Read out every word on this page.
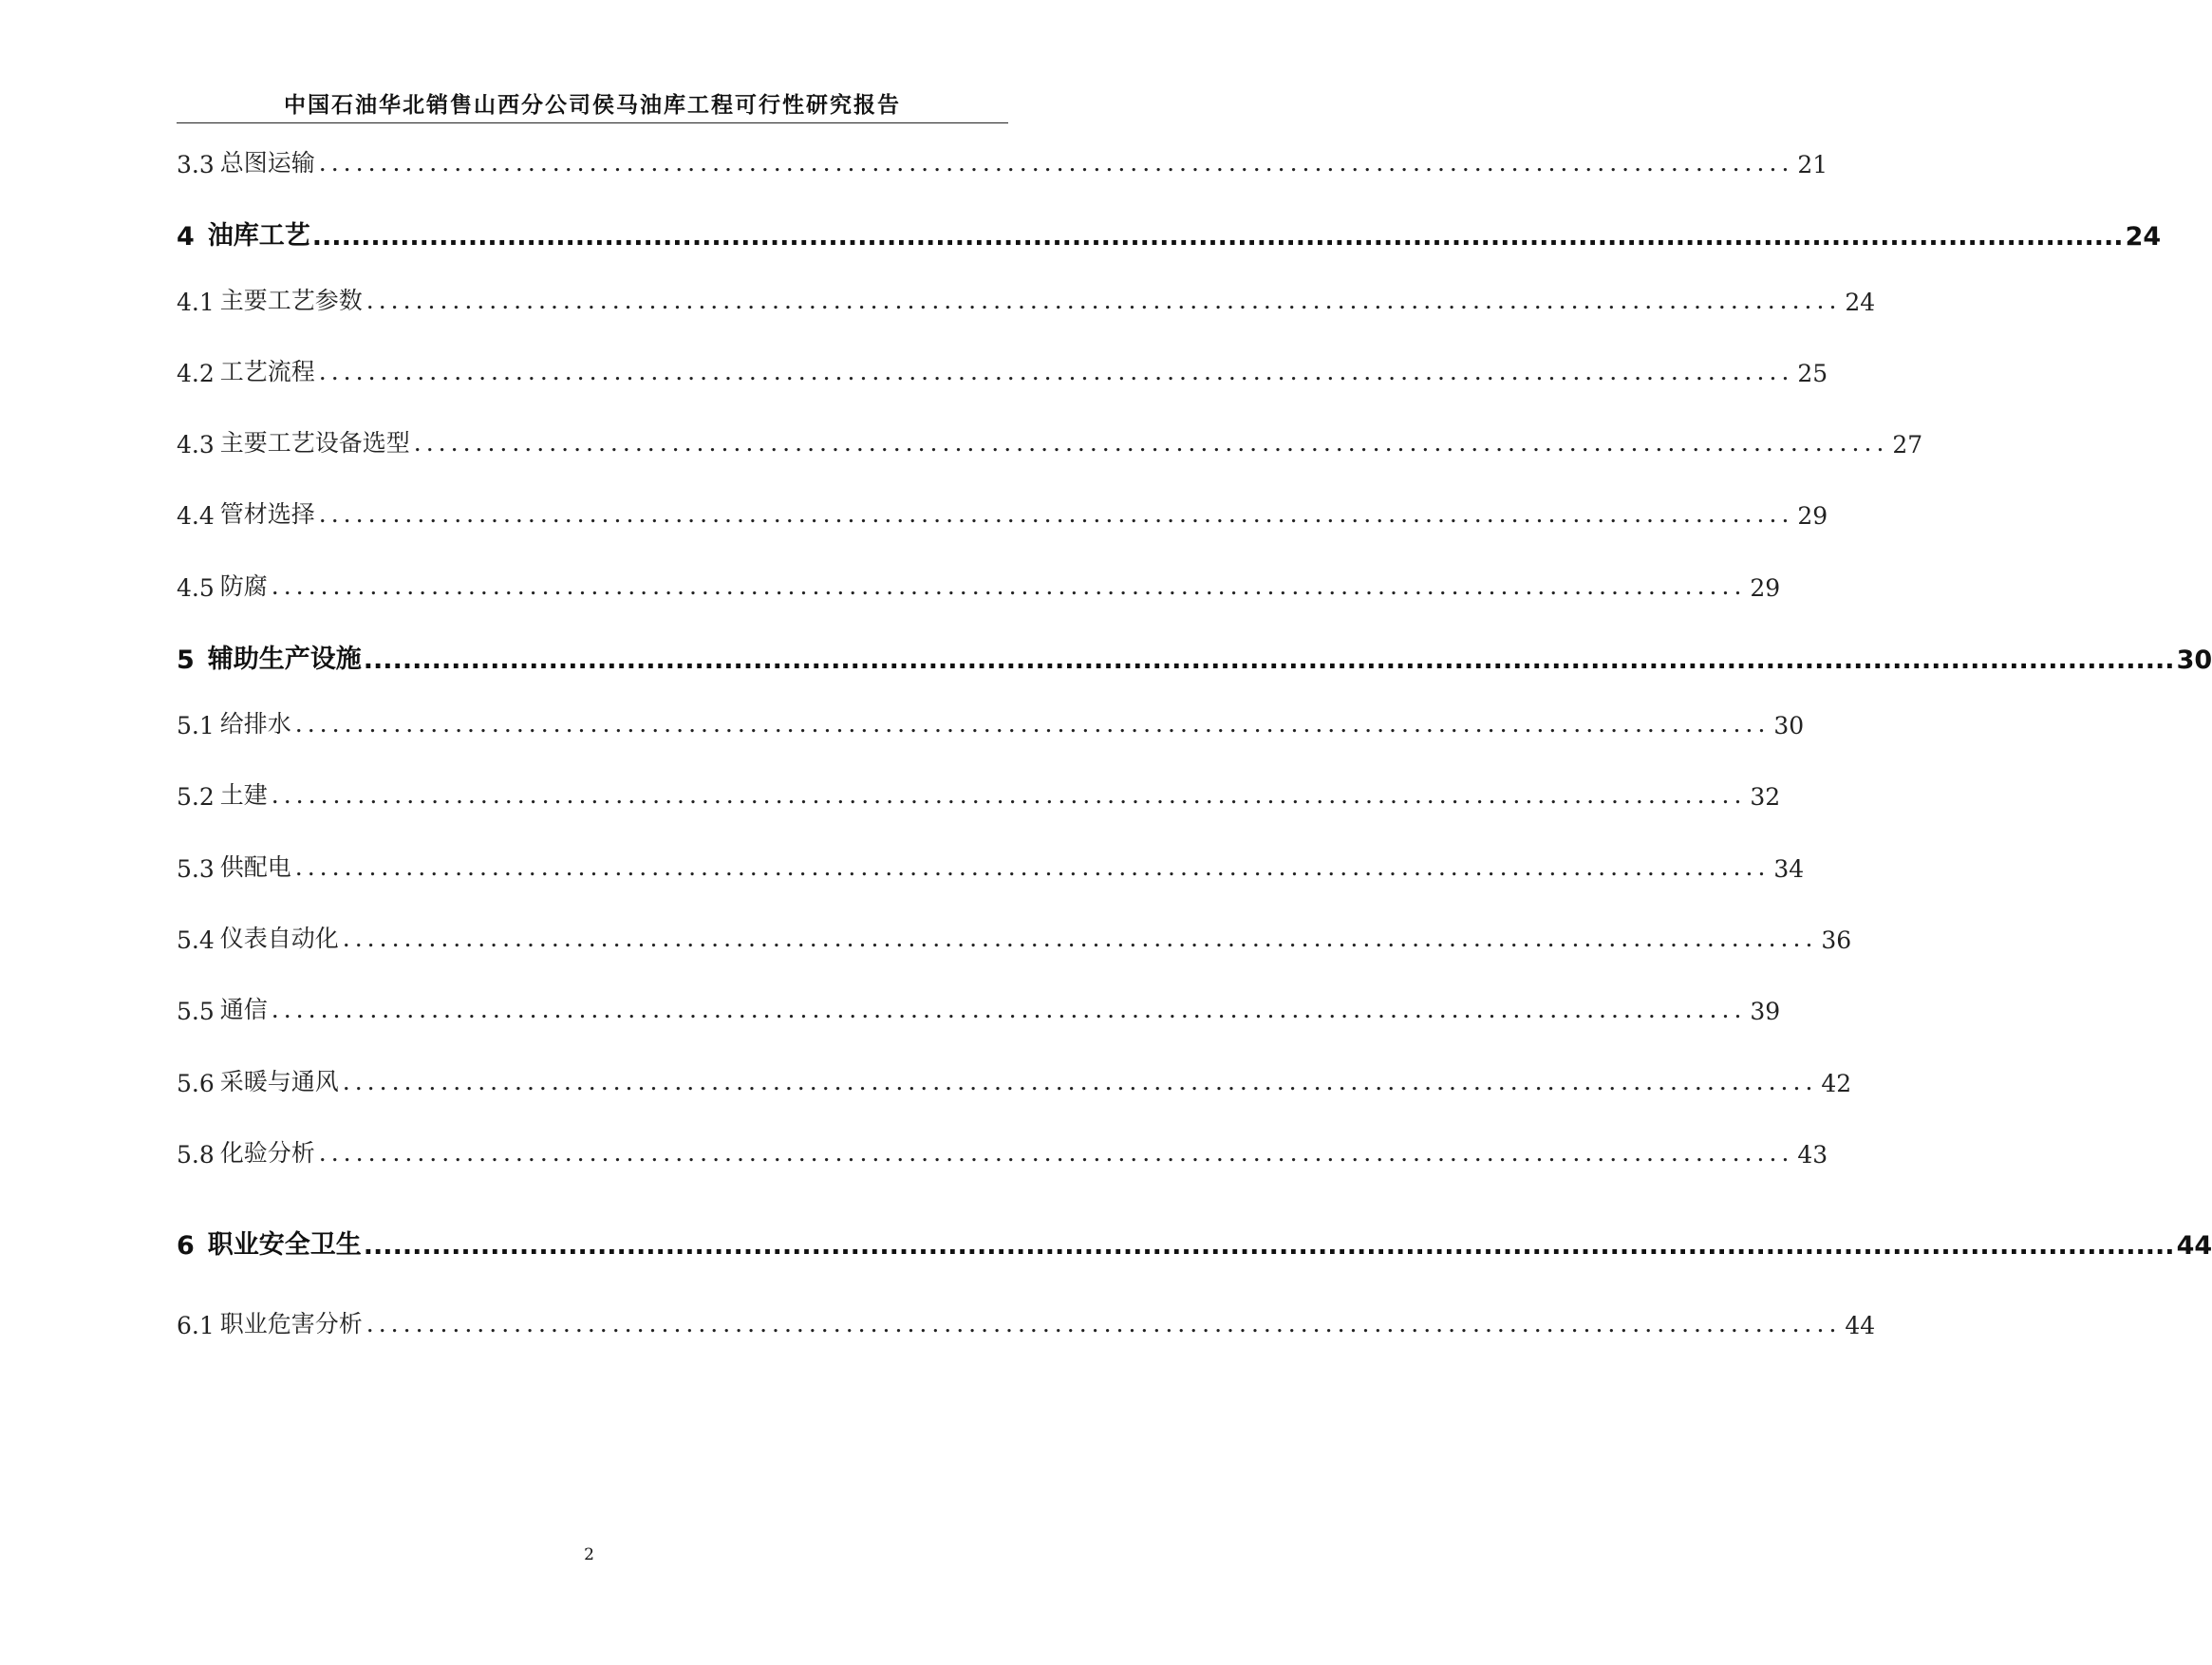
中国石油华北销售山西分公司侯马油库工程可行性研究报告
3.3 总图运输 ........................................................................................................................ 21
4 油库工艺 .......................................................................................................................................................................................... 24
4.1 主要工艺参数 ........................................................................................................................ 24
4.2 工艺流程 ........................................................................................................................ 25
4.3 主要工艺设备选型 ........................................................................................................................ 27
4.4 管材选择 ........................................................................................................................ 29
4.5 防腐 ........................................................................................................................ 29
5 辅助生产设施 .......................................................................................................................................................................................... 30
5.1 给排水 ........................................................................................................................ 30
5.2 土建 ........................................................................................................................ 32
5.3 供配电 ........................................................................................................................ 34
5.4 仪表自动化 ........................................................................................................................ 36
5.5 通信 ........................................................................................................................ 39
5.6 采暖与通风 ........................................................................................................................ 42
5.8 化验分析 ........................................................................................................................ 43
6 职业安全卫生 .......................................................................................................................................................................................... 44
6.1 职业危害分析 ........................................................................................................................ 44
2
